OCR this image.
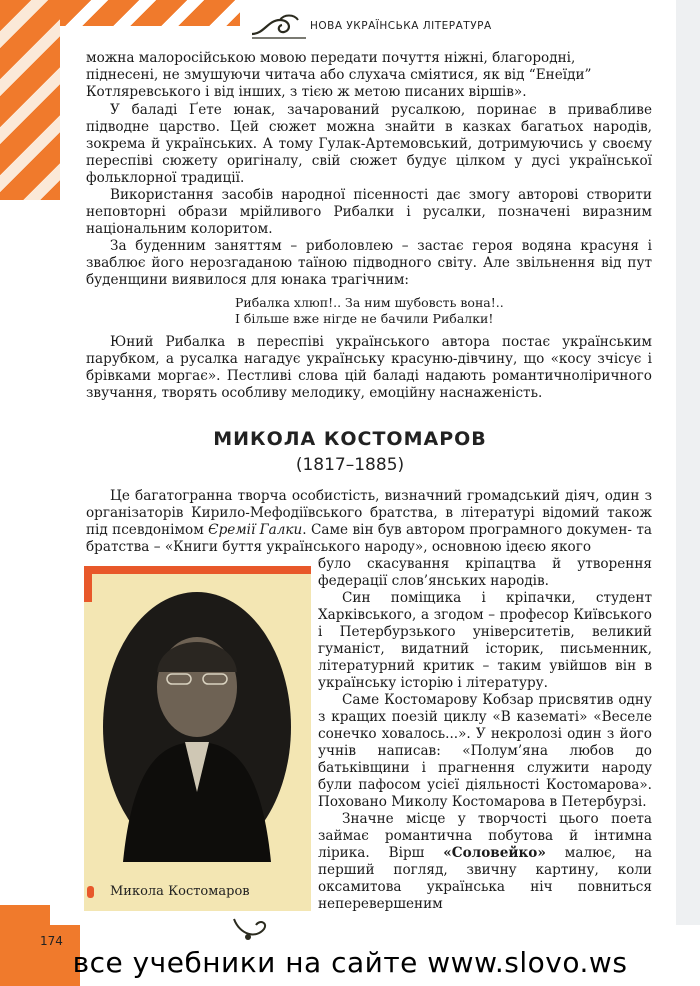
НОВА УКРАЇНСЬКА ЛІТЕРАТУРА

можна малоросійською мовою передати почуття ніжні, благородні,

піднесені, не змушуючи читача або слухача сміятися, як від “Енеїди”

Котляревського і від інших, з тією ж метою писаних віршів».

У баладі Ґете юнак, зачарований русалкою, поринає в привабливе підводне царство. Цей сюжет можна знайти в казках багатьох народів, зокрема й українських. А тому Гулак-Артемовський, дотримуючись у своєму переспіві сюжету оригіналу, свій сюжет будує цілком у дусі української фольклорної традиції.

Використання засобів народної пісенності дає змогу авторові створити неповторні образи мрійливого Рибалки і русалки, позначені виразним національним колоритом.

За буденним заняттям – риболовлею – застає героя водяна красуня і зваблює його нерозгаданою таїною підводного світу. Але звільнення від пут буденщини виявилося для юнака трагічним:

Рибалка хлюп!.. За ним шубовсть вона!..
І більше вже нігде не бачили Рибалки!

Юний Рибалка в переспіві українського автора постає українським парубком, а русалка нагадує українську красуню-дівчину, що «косу зчісує і брівками моргає». Пестливі слова цій баладі надають романтичноліричного звучання, творять особливу мелодику, емоційну наснаженість.

МИКОЛА КОСТОМАРОВ
(1817–1885)

Це багатогранна творча особистість, визначний громадський діяч, один з організаторів Кирило-Мефодіївського братства, в літературі відомий також під псевдонімом Єремії Галки. Саме він був автором програмного докумен- та братства – «Книги буття українського народу», основною ідеєю якого

Микола Костомаров

було скасування кріпацтва й утворення федерації слов’янських народів.

Син поміщика і кріпачки, студент Харківського, а згодом – професор Київського і Петербурзького університетів, великий гуманіст, видатний історик, письменник, літературний критик – таким увійшов він в українську історію і літературу.

Саме Костомарову Кобзар присвятив одну з кращих поезій циклу «В казематі» «Веселе сонечко ховалось...». У некролозі один з його учнів написав: «Полум’яна любов до батьківщини і прагнення служити народу були пафосом усієї діяльності Костомарова». Поховано Миколу Костомарова в Петербурзі.

Значне місце у творчості цього поета займає романтична побутова й інтимна лірика. Вірш «Соловейко» малює, на перший погляд, звичну картину, коли оксамитова українська ніч повниться неперевершеним

174
все учебники на сайте www.slovo.ws
